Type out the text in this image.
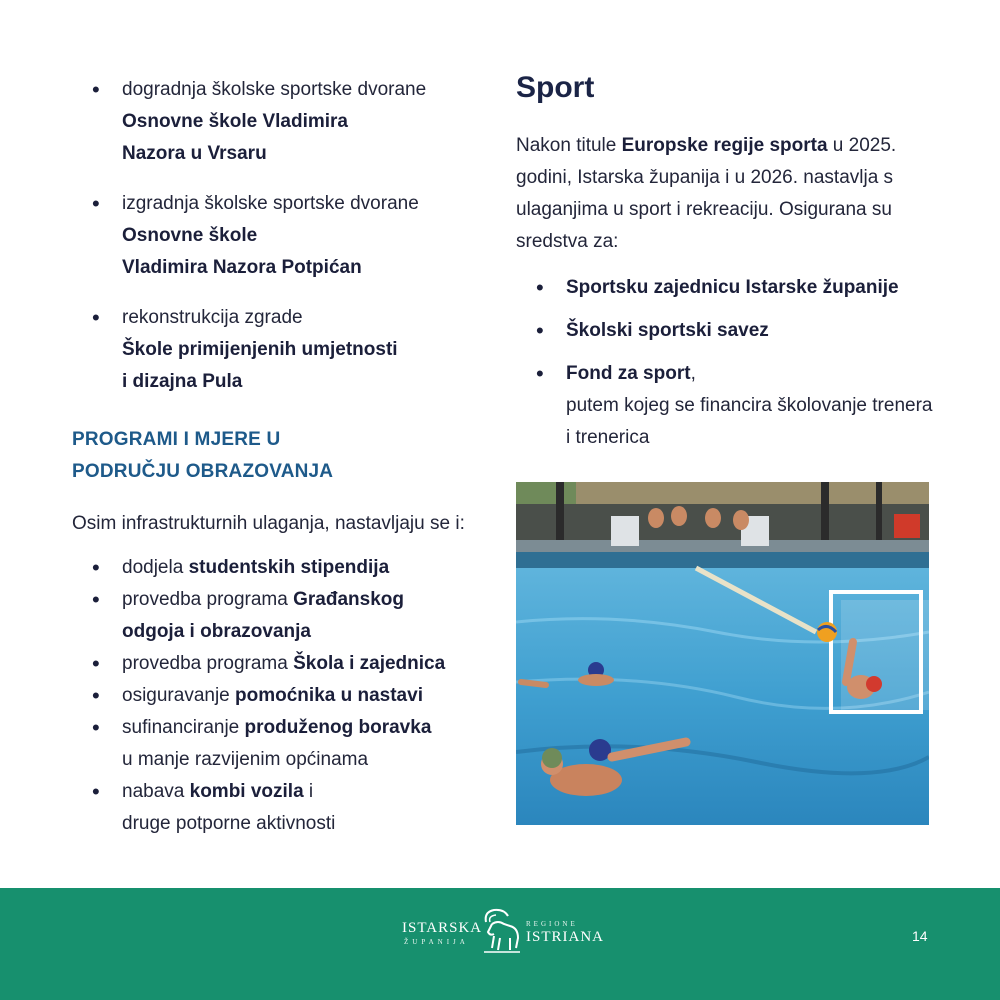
• dogradnja školske sportske dvorane
Osnovne škole Vladimira
Nazora u Vrsaru
• izgradnja školske sportske dvorane
Osnovne škole
Vladimira Nazora Potpićan
• rekonstrukcija zgrade
Škole primijenjenih umjetnosti
i dizajna Pula
PROGRAMI I MJERE U
PODRUČJU OBRAZOVANJA

Osim infrastrukturnih ulaganja, nastavljaju se i:

• dodjela studentskih stipendija
• provedba programa Građanskog
odgoja i obrazovanja
• provedba programa Škola i zajednica
• osiguravanje pomoćnika u nastavi
• sufinanciranje produženog boravka
u manje razvijenim općinama
• nabava kombi vozila i
druge potporne aktivnosti
Sport

Nakon titule Europske regije sporta u 2025. godini, Istarska županija i u 2026. nastavlja s ulaganjima u sport i rekreaciju. Osigurana su sredstva za:

• Sportsku zajednicu Istarske županije
• Školski sportski savez
• Fond za sport,
putem kojeg se financira školovanje trenera i trenerica
ISTARSKA
ŽUPANIJA
REGIONE
ISTRIANA	14
